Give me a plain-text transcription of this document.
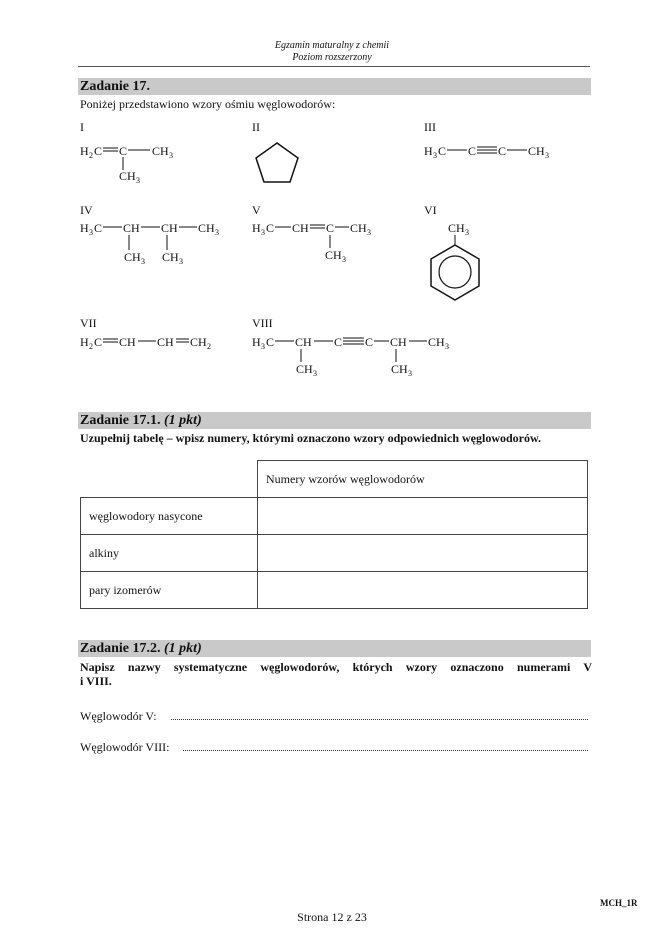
Egzamin maturalny z chemii
Poziom rozszerzony
Zadanie 17.
Poniżej przedstawiono wzory ośmiu węglowodorów:
I	II	III
IV	V	VI
VII	VIII
H 2 C C CH 3
CH 3
H 3 C C C CH 3
H 3 C CH CH CH 3
CH 3 CH 3
H 3 C CH C CH 3
CH 3
CH 3
H 2 C CH CH CH 2	H 3 C CH C C CH CH 3
CH 3	CH 3
Zadanie 17.1. (1 pkt)
Uzupełnij tabelę – wpisz numery, którymi oznaczono wzory odpowiednich węglowodorów.
	Numery wzorów węglowodorów
węglowodory nasycone	
alkiny	
pary izomerów	
Zadanie 17.2. (1 pkt)
Napisz nazwy systematyczne węglowodorów, których wzory oznaczono numerami V
i VIII.
Węglowodór V:
Węglowodór VIII:
MCH_1R
Strona 12 z 23
